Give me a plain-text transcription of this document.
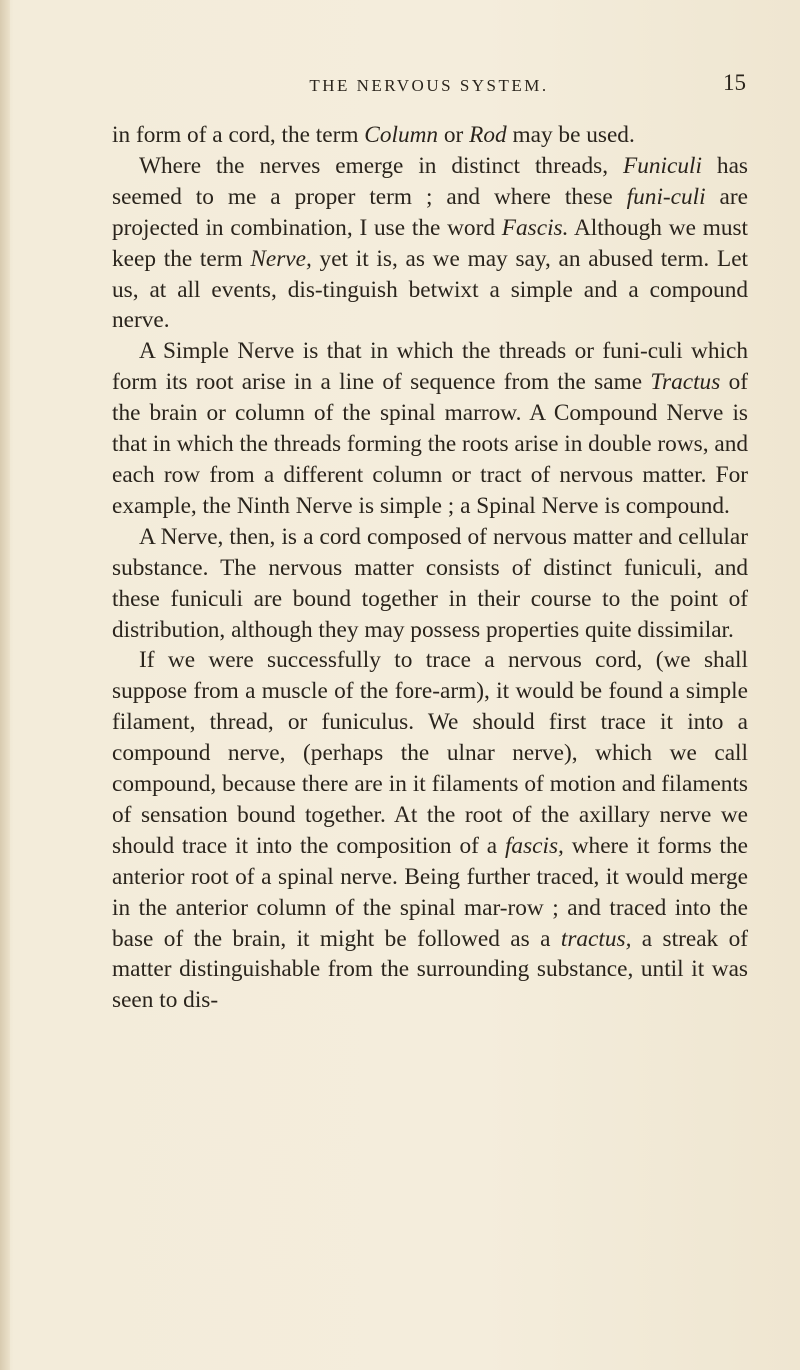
THE NERVOUS SYSTEM.	15

in form of a cord, the term Column or Rod may be used.

Where the nerves emerge in distinct threads, Funiculi has seemed to me a proper term ; and where these funi-culi are projected in combination, I use the word Fascis. Although we must keep the term Nerve, yet it is, as we may say, an abused term. Let us, at all events, dis-tinguish betwixt a simple and a compound nerve.

A Simple Nerve is that in which the threads or funi-culi which form its root arise in a line of sequence from the same Tractus of the brain or column of the spinal marrow. A Compound Nerve is that in which the threads forming the roots arise in double rows, and each row from a different column or tract of nervous matter. For example, the Ninth Nerve is simple ; a Spinal Nerve is compound.

A Nerve, then, is a cord composed of nervous matter and cellular substance. The nervous matter consists of distinct funiculi, and these funiculi are bound together in their course to the point of distribution, although they may possess properties quite dissimilar.

If we were successfully to trace a nervous cord, (we shall suppose from a muscle of the fore-arm), it would be found a simple filament, thread, or funiculus. We should first trace it into a compound nerve, (perhaps the ulnar nerve), which we call compound, because there are in it filaments of motion and filaments of sensation bound together. At the root of the axillary nerve we should trace it into the composition of a fascis, where it forms the anterior root of a spinal nerve. Being further traced, it would merge in the anterior column of the spinal mar-row ; and traced into the base of the brain, it might be followed as a tractus, a streak of matter distinguishable from the surrounding substance, until it was seen to dis-
